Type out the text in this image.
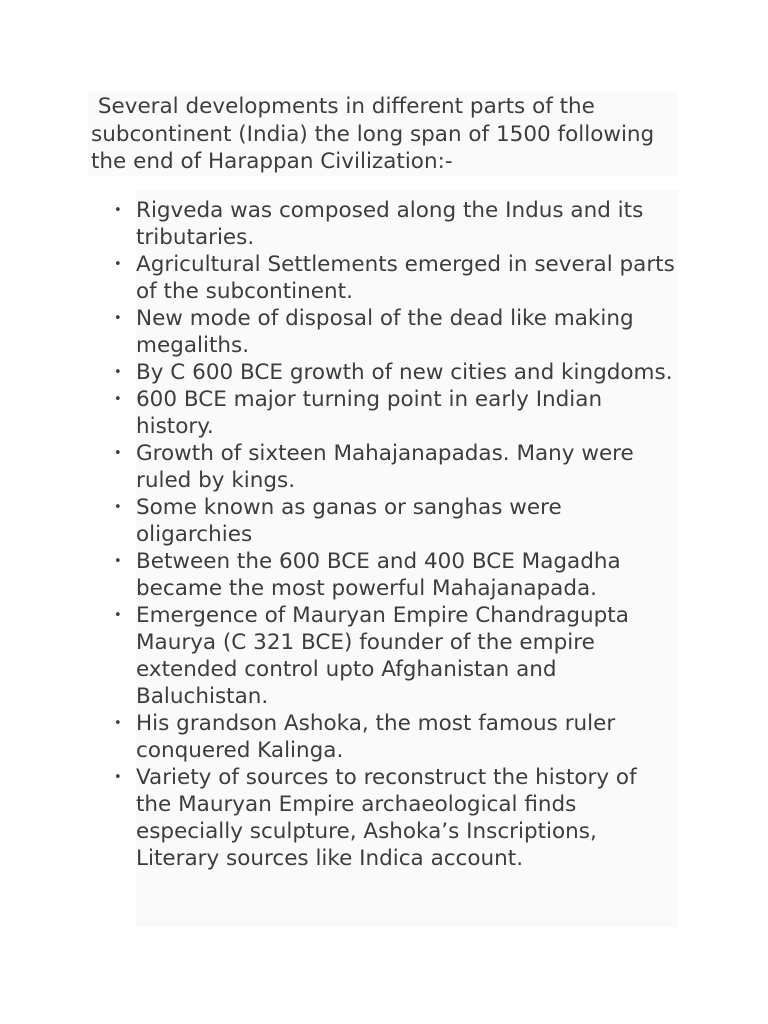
Several developments in different parts of the subcontinent (India) the long span of 1500 following the end of Harappan Civilization:-

• Rigveda was composed along the Indus and its tributaries.
• Agricultural Settlements emerged in several parts of the subcontinent.
• New mode of disposal of the dead like making megaliths.
• By C 600 BCE growth of new cities and kingdoms.
• 600 BCE major turning point in early Indian history.
• Growth of sixteen Mahajanapadas. Many were ruled by kings.
• Some known as ganas or sanghas were oligarchies
• Between the 600 BCE and 400 BCE Magadha became the most powerful Mahajanapada.
• Emergence of Mauryan Empire Chandragupta Maurya (C 321 BCE) founder of the empire extended control upto Afghanistan and Baluchistan.
• His grandson Ashoka, the most famous ruler conquered Kalinga.
• Variety of sources to reconstruct the history of the Mauryan Empire archaeological finds especially sculpture, Ashoka’s Inscriptions, Literary sources like Indica account.
